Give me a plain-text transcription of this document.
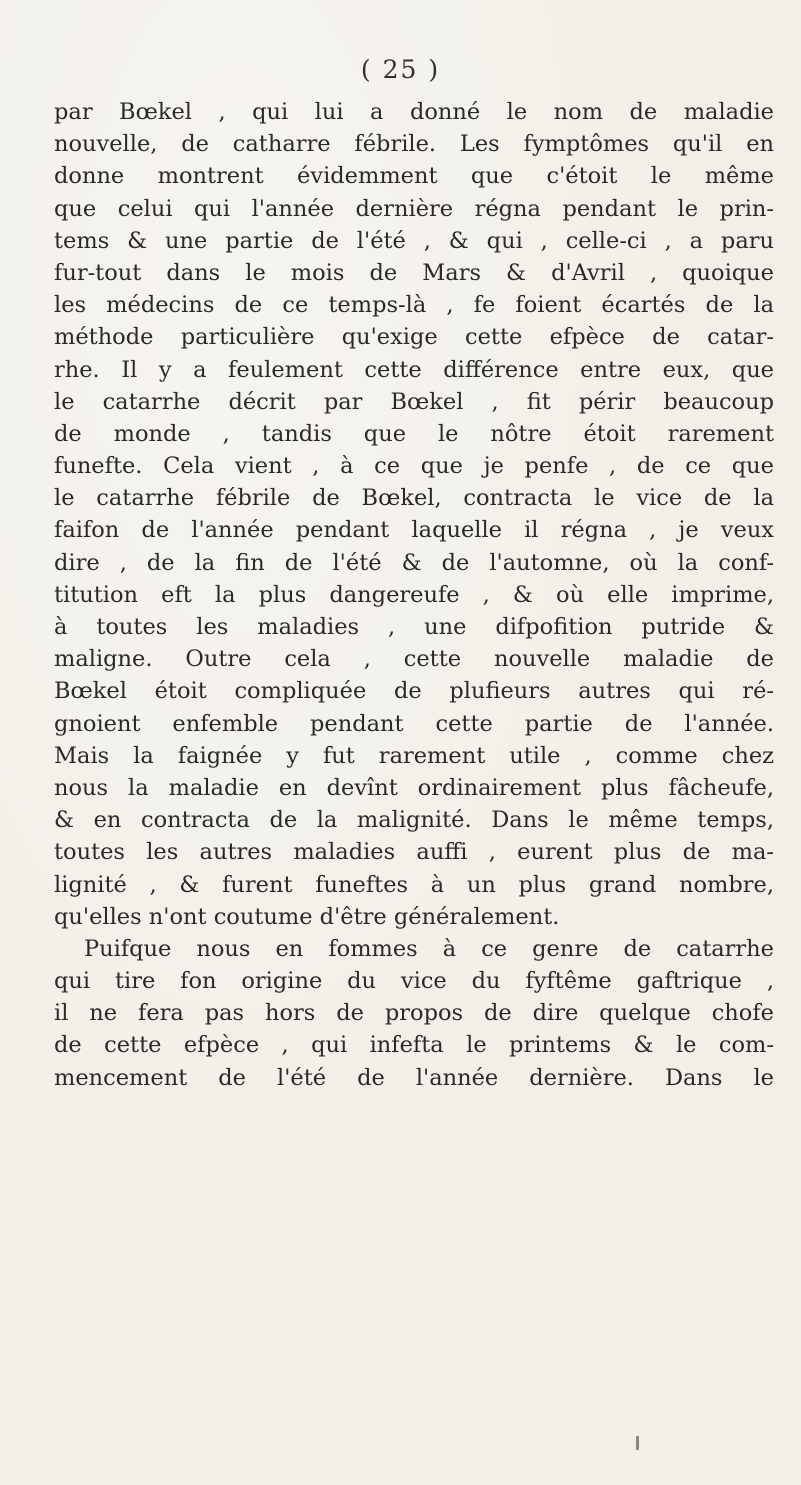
( 25 )
par Bœkel , qui lui a donné le nom de maladie
nouvelle, de catharre fébrile. Les fymptômes qu'il en
donne montrent évidemment que c'étoit le même
que celui qui l'année dernière régna pendant le prin-
tems & une partie de l'été , & qui , celle-ci , a paru
fur-tout dans le mois de Mars & d'Avril , quoique
les médecins de ce temps-là , fe foient écartés de la
méthode particulière qu'exige cette efpèce de catar-
rhe. Il y a feulement cette différence entre eux, que
le catarrhe décrit par Bœkel , fit périr beaucoup
de monde , tandis que le nôtre étoit rarement
funefte. Cela vient , à ce que je penfe , de ce que
le catarrhe fébrile de Bœkel, contracta le vice de la
faifon de l'année pendant laquelle il régna , je veux
dire , de la fin de l'été & de l'automne, où la conf-
titution eft la plus dangereufe , & où elle imprime,
à toutes les maladies , une difpofition putride &
maligne. Outre cela , cette nouvelle maladie de
Bœkel étoit compliquée de plufieurs autres qui ré-
gnoient enfemble pendant cette partie de l'année.
Mais la faignée y fut rarement utile , comme chez
nous la maladie en devînt ordinairement plus fâcheufe,
& en contracta de la malignité. Dans le même temps,
toutes les autres maladies auffi , eurent plus de ma-
lignité , & furent funeftes à un plus grand nombre,
qu'elles n'ont coutume d'être généralement.
Puifque nous en fommes à ce genre de catarrhe
qui tire fon origine du vice du fyftême gaftrique ,
il ne fera pas hors de propos de dire quelque chofe
de cette efpèce , qui infefta le printems & le com-
mencement de l'été de l'année dernière. Dans le
